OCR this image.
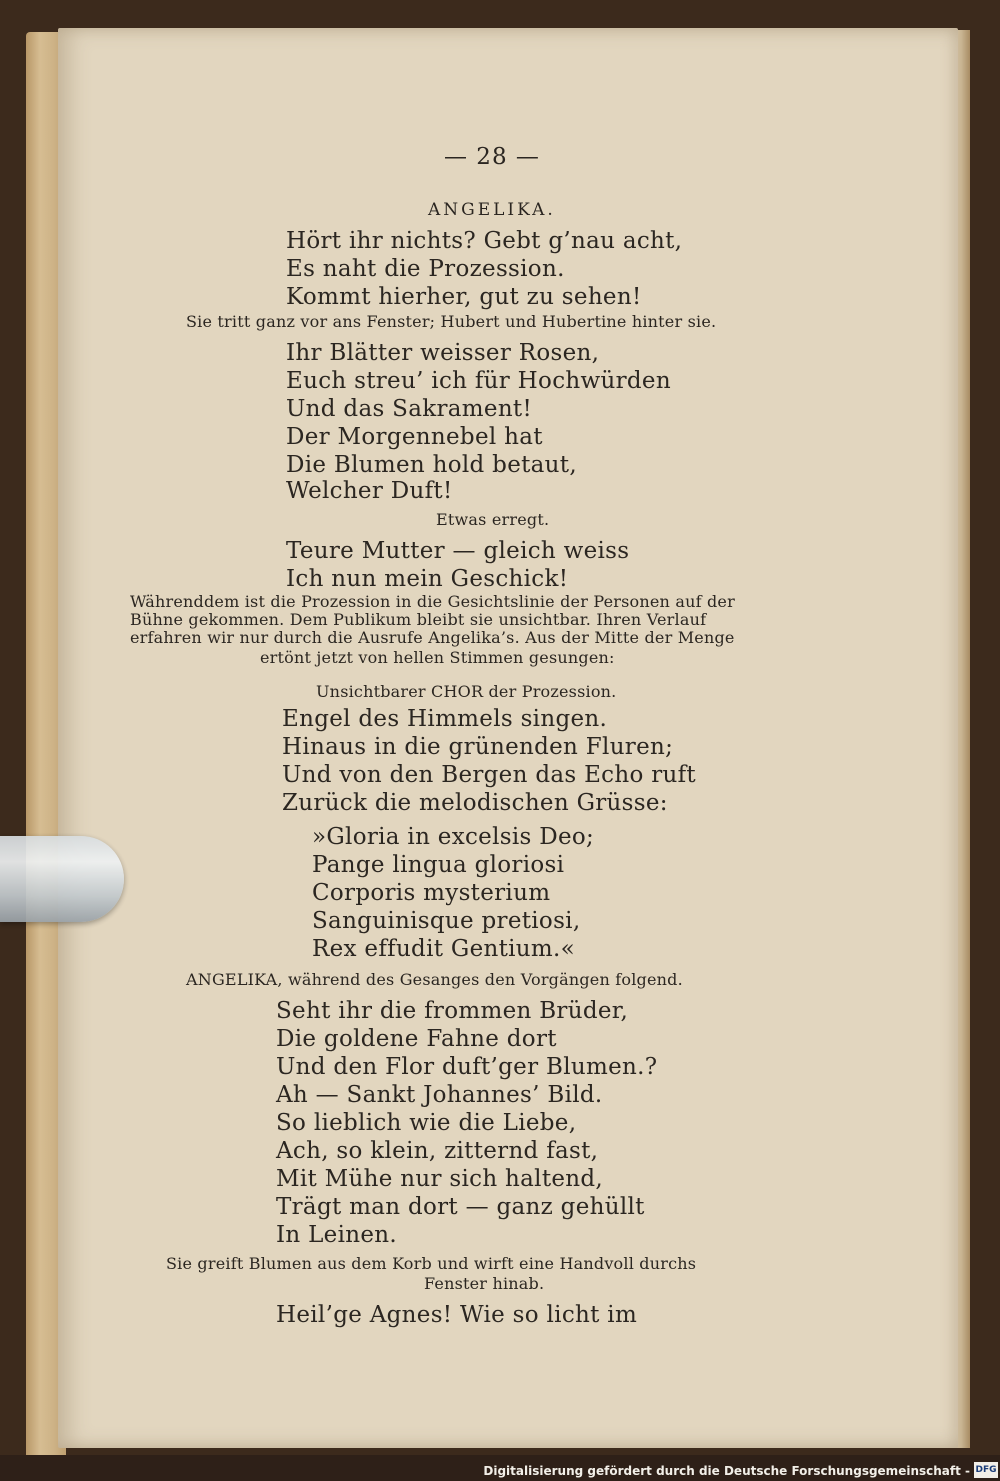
— 28 —
ANGELIKA.
Hört ihr nichts? Gebt g’nau acht,
Es naht die Prozession.
Kommt hierher, gut zu sehen!
Sie tritt ganz vor ans Fenster; Hubert und Hubertine hinter sie.
Ihr Blätter weisser Rosen,
Euch streu’ ich für Hochwürden
Und das Sakrament!
Der Morgennebel hat
Die Blumen hold betaut,
Welcher Duft!
Etwas erregt.
Teure Mutter — gleich weiss
Ich nun mein Geschick!
Währenddem ist die Prozession in die Gesichtslinie der Personen auf der
Bühne gekommen. Dem Publikum bleibt sie unsichtbar. Ihren Verlauf
erfahren wir nur durch die Ausrufe Angelika’s. Aus der Mitte der Menge
ertönt jetzt von hellen Stimmen gesungen:
Unsichtbarer CHOR der Prozession.
Engel des Himmels singen.
Hinaus in die grünenden Fluren;
Und von den Bergen das Echo ruft
Zurück die melodischen Grüsse:
»Gloria in excelsis Deo;
Pange lingua gloriosi
Corporis mysterium
Sanguinisque pretiosi,
Rex effudit Gentium.«
ANGELIKA, während des Gesanges den Vorgängen folgend.
Seht ihr die frommen Brüder,
Die goldene Fahne dort
Und den Flor duft’ger Blumen.?
Ah — Sankt Johannes’ Bild.
So lieblich wie die Liebe,
Ach, so klein, zitternd fast,
Mit Mühe nur sich haltend,
Trägt man dort — ganz gehüllt
In Leinen.
Sie greift Blumen aus dem Korb und wirft eine Handvoll durchs
Fenster hinab.
Heil’ge Agnes! Wie so licht im
Digitalisierung gefördert durch die Deutsche Forschungsgemeinschaft - DFG
